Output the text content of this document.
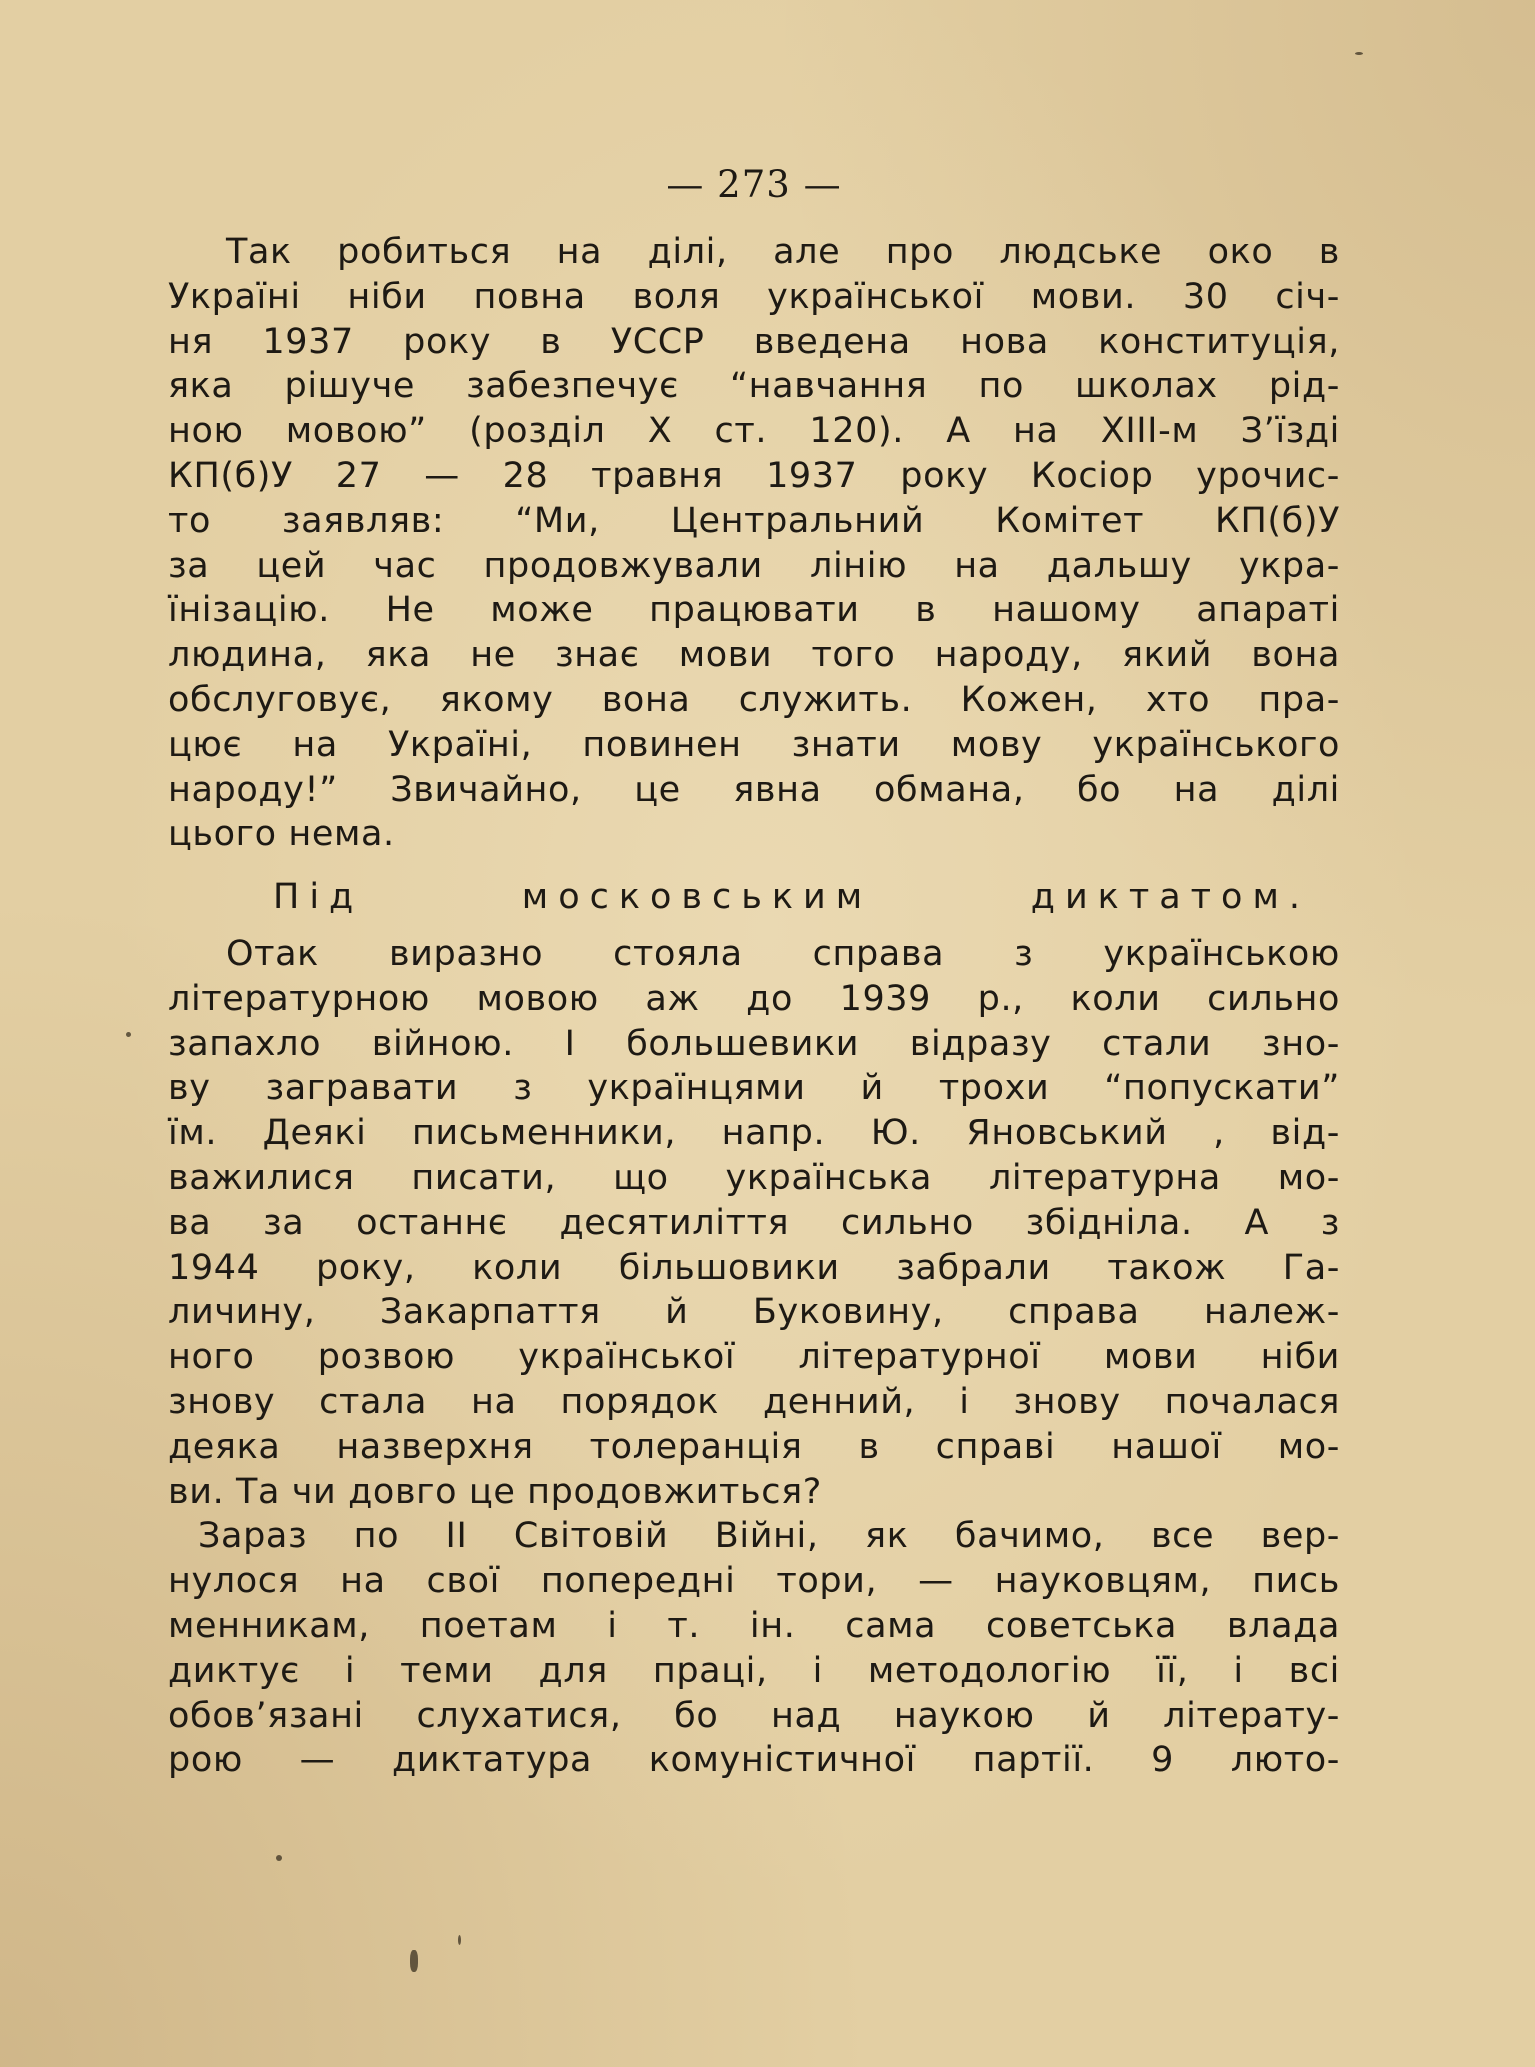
— 273 —
Так робиться на ділі, але про людське око в
Україні ніби повна воля української мови. 30 січ-
ня 1937 року в УССР введена нова конституція,
яка рішуче забезпечує “навчання по школах рід-
ною мовою” (розділ X ст. 120). А на XIII-м З’їзді
КП(б)У 27 — 28 травня 1937 року Косіор урочис-
то заявляв: “Ми, Центральний Комітет КП(б)У
за цей час продовжували лінію на дальшу укра-
їнізацію. Не може працювати в нашому апараті
людина, яка не знає мови того народу, який вона
обслуговує, якому вона служить. Кожен, хто пра-
цює на Україні, повинен знати мову українського
народу!” Звичайно, це явна обмана, бо на ділі
цього нема.
Під московським диктатом.
Отак виразно стояла справа з українською
літературною мовою аж до 1939 р., коли сильно
запахло війною. І большевики відразу стали зно-
ву загравати з українцями й трохи “попускати”
їм. Деякі письменники, напр. Ю. Яновський , від-
важилися писати, що українська літературна мо-
ва за останнє десятиліття сильно збідніла. А з
1944 року, коли більшовики забрали також Га-
личину, Закарпаття й Буковину, справа належ-
ного розвою української літературної мови ніби
знову стала на порядок денний, і знову почалася
деяка назверхня толеранція в справі нашої мо-
ви. Та чи довго це продовжиться?
Зараз по II Світовій Війні, як бачимо, все вер-
нулося на свої попередні тори, — науковцям, пись
менникам, поетам і т. ін. сама советська влада
диктує і теми для праці, і методологію її, і всі
обов’язані слухатися, бо над наукою й літерату-
рою — диктатура комуністичної партії. 9 люто-
